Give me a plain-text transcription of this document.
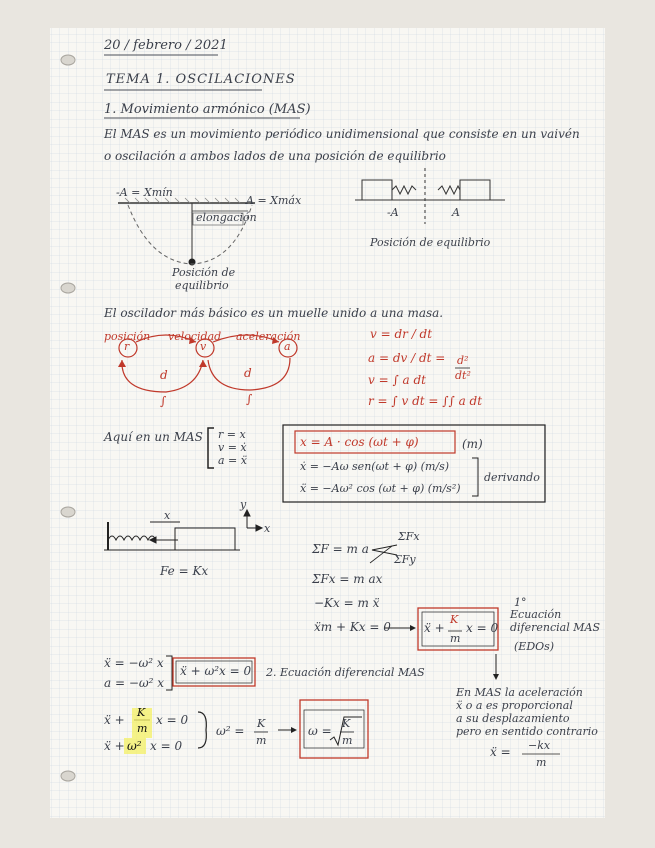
20 / febrero / 2021
TEMA 1. OSCILACIONES
1. Movimiento armónico (MAS)
El MAS es un movimiento periódico unidimensional que consiste en un vaivén
o oscilación a ambos lados de una posición de equilibrio
-A = Xmín
A = Xmáx
elongación
Posición de
equilibrio
-A	A
Posición de equilibrio
El oscilador más básico es un muelle unido a una masa.
posición velocidad aceleración
r	v	a
d	d
∫	∫
v = dr / dt
a = dv / dt = d²
dt²
v = ∫ a dt
r = ∫ v dt = ∫∫ a dt
Aquí en un MAS r = x
v = ẋ
a = ẍ
x = A · cos (ωt + φ)	(m)
ẋ = −Aω sen(ωt + φ) (m/s)
ẍ = −Aω² cos (ωt + φ) (m/s²)
derivando
x
y
x
Fe = Kx
ΣF = m a
ΣFx
ΣFy
ΣFx = m ax
−Kx = m ẍ
ẍm + Kx = 0	ẍ +
K
m
x = 0
1°
Ecuación
diferencial MAS
(EDOs)
ẍ = −ω² x
a = −ω² x
ẍ + ω²x = 0 2. Ecuación diferencial MAS
ẍ +
K
m
x = 0
ẍ + ω² x = 0
ω² =
K
m
ω =
K
m
En MAS la aceleración
ẍ o a es proporcional
a su desplazamiento
pero en sentido contrario
ẍ = −kx
m
